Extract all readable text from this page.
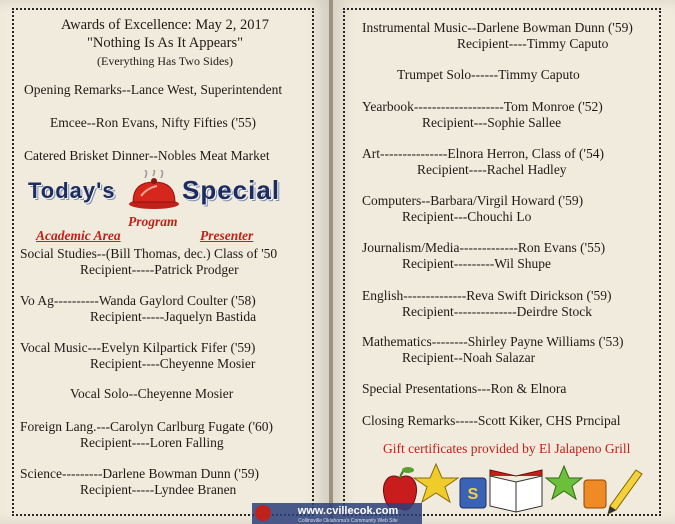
Awards of Excellence: May 2, 2017
"Nothing Is As It Appears"
(Everything Has Two Sides)
Opening Remarks--Lance West, Superintendent
Emcee--Ron Evans, Nifty Fifties ('55)
Catered Brisket Dinner--Nobles Meat Market
Today's	Special
Program
Academic Area	Presenter
Social Studies--(Bill Thomas, dec.) Class of '50
Recipient-----Patrick Prodger
Vo Ag----------Wanda Gaylord Coulter ('58)
Recipient-----Jaquelyn Bastida
Vocal Music---Evelyn Kilpartick Fifer ('59)
Recipient----Cheyenne Mosier
Vocal Solo--Cheyenne Mosier
Foreign Lang.---Carolyn Carlburg Fugate ('60)
Recipient----Loren Falling
Science---------Darlene Bowman Dunn ('59)
Recipient-----Lyndee Branen
Instrumental Music--Darlene Bowman Dunn ('59)
Recipient----Timmy Caputo
Trumpet Solo------Timmy Caputo
Yearbook--------------------Tom Monroe ('52)
Recipient---Sophie Sallee
Art---------------Elnora Herron, Class of ('54)
Recipient----Rachel Hadley
Computers--Barbara/Virgil Howard ('59)
Recipient---Chouchi Lo
Journalism/Media-------------Ron Evans ('55)
Recipient---------Wil Shupe
English--------------Reva Swift Dirickson ('59)
Recipient--------------Deirdre Stock
Mathematics--------Shirley Payne Williams ('53)
Recipient--Noah Salazar
Special Presentations---Ron & Elnora
Closing Remarks-----Scott Kiker, CHS Prncipal
Gift certificates provided by El Jalapeno Grill
S
www.cvillecok.com
Collinsville Oklahoma's Community Web Site
